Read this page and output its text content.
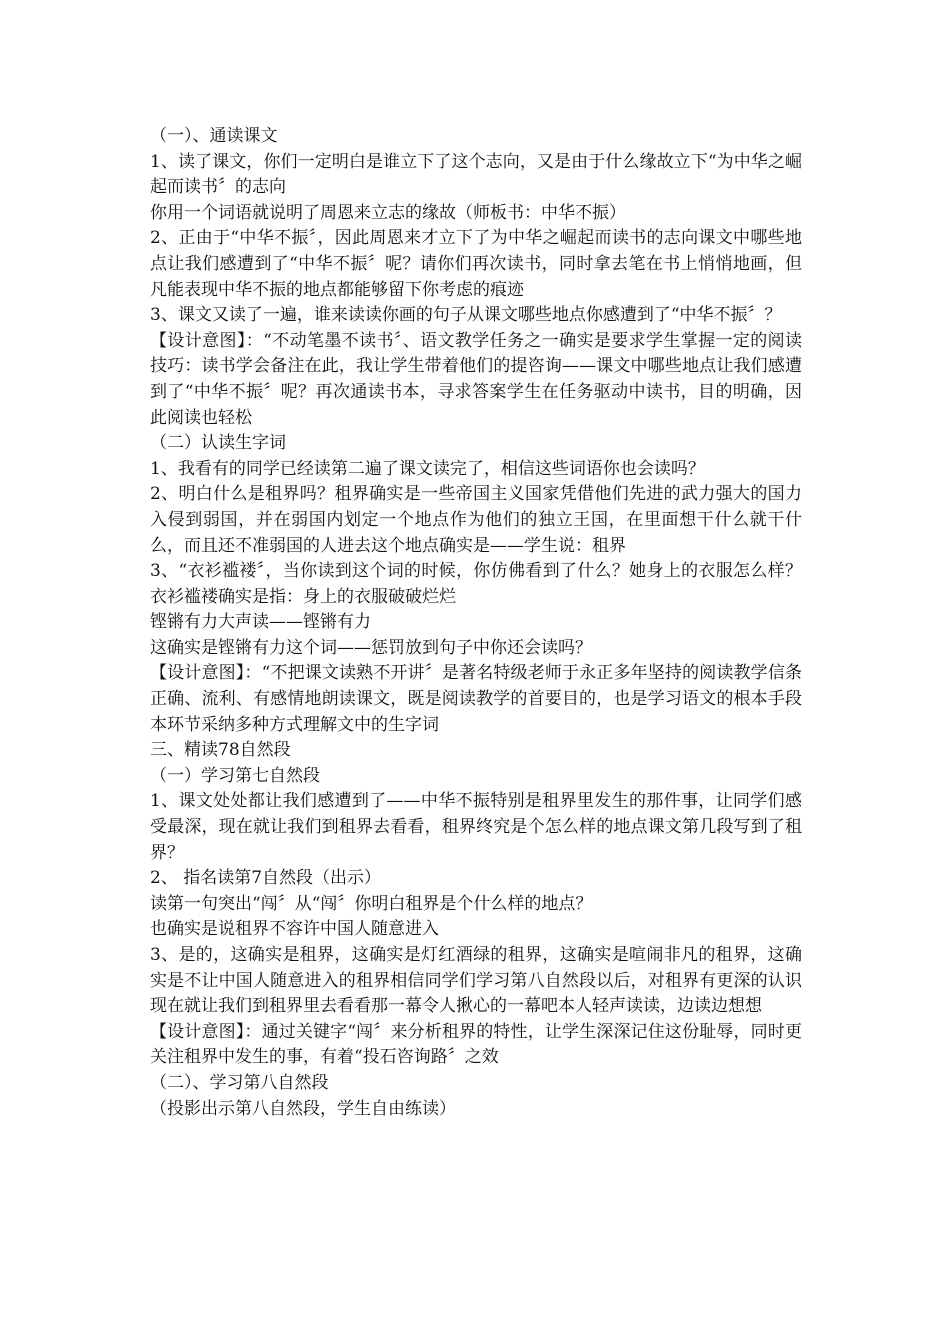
（一）、通读课文

1、读了课文，你们一定明白是谁立下了这个志向，又是由于什么缘故立下“为中华之崛起而读书〞的志向

你用一个词语就说明了周恩来立志的缘故（师板书：中华不振）

2、正由于“中华不振〞，因此周恩来才立下了为中华之崛起而读书的志向课文中哪些地点让我们感遭到了“中华不振〞呢？请你们再次读书，同时拿去笔在书上悄悄地画，但凡能表现中华不振的地点都能够留下你考虑的痕迹

3、课文又读了一遍，谁来读读你画的句子从课文哪些地点你感遭到了“中华不振〞？

【设计意图】：“不动笔墨不读书〞、语文教学任务之一确实是要求学生掌握一定的阅读技巧：读书学会备注在此，我让学生带着他们的提咨询——课文中哪些地点让我们感遭到了“中华不振〞呢？再次通读书本，寻求答案学生在任务驱动中读书，目的明确，因此阅读也轻松

（二）认读生字词

1、我看有的同学已经读第二遍了课文读完了，相信这些词语你也会读吗？

2、明白什么是租界吗？租界确实是一些帝国主义国家凭借他们先进的武力强大的国力入侵到弱国，并在弱国内划定一个地点作为他们的独立王国，在里面想干什么就干什么，而且还不准弱国的人进去这个地点确实是——学生说：租界

3、“衣衫褴褛〞，当你读到这个词的时候，你仿佛看到了什么？她身上的衣服怎么样？衣衫褴褛确实是指：身上的衣服破破烂烂

铿锵有力大声读——铿锵有力

这确实是铿锵有力这个词——惩罚放到句子中你还会读吗？

【设计意图】：“不把课文读熟不开讲〞是著名特级老师于永正多年坚持的阅读教学信条正确、流利、有感情地朗读课文，既是阅读教学的首要目的，也是学习语文的根本手段本环节采纳多种方式理解文中的生字词

三、精读78自然段

（一）学习第七自然段

1、课文处处都让我们感遭到了——中华不振特别是租界里发生的那件事，让同学们感受最深，现在就让我们到租界去看看，租界终究是个怎么样的地点课文第几段写到了租界？

2、 指名读第7自然段（出示）

读第一句突出“闯〞从“闯〞你明白租界是个什么样的地点？

也确实是说租界不容许中国人随意进入

3、是的，这确实是租界，这确实是灯红酒绿的租界，这确实是喧闹非凡的租界，这确实是不让中国人随意进入的租界相信同学们学习第八自然段以后，对租界有更深的认识现在就让我们到租界里去看看那一幕令人揪心的一幕吧本人轻声读读，边读边想想

【设计意图】：通过关键字“闯〞来分析租界的特性，让学生深深记住这份耻辱，同时更关注租界中发生的事，有着“投石咨询路〞之效

（二）、学习第八自然段

（投影出示第八自然段，学生自由练读）
